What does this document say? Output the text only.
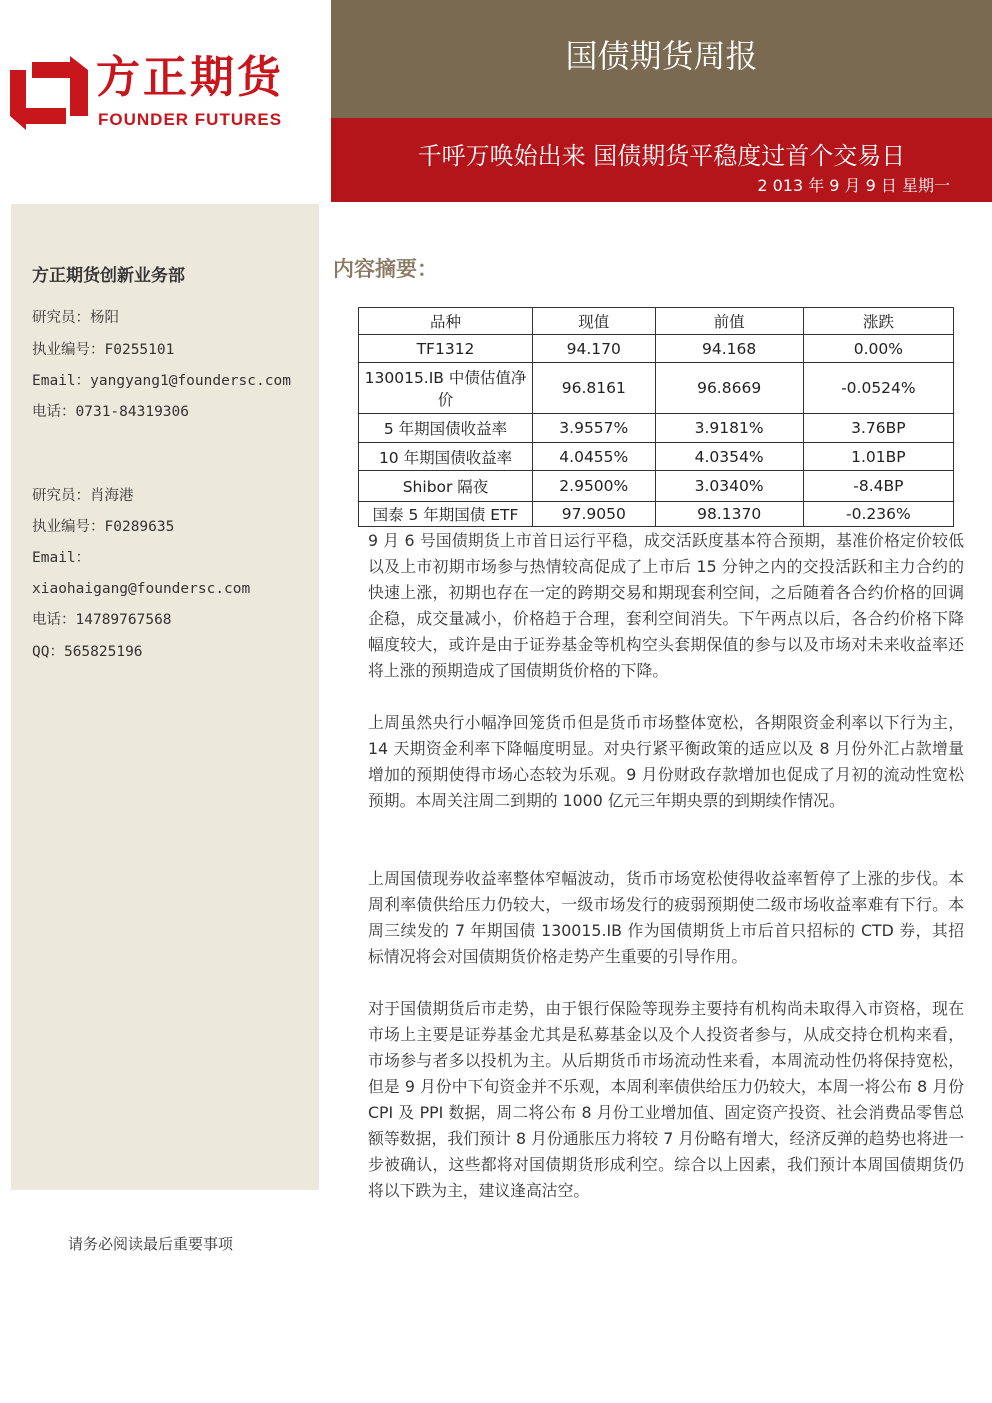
方正期货
FOUNDER FUTURES
国债期货周报
千呼万唤始出来 国债期货平稳度过首个交易日
2 013 年 9 月 9 日 星期一
方正期货创新业务部
研究员：杨阳
执业编号：F0255101
Email：yangyang1@foundersc.com
电话：0731-84319306
研究员：肖海港
执业编号：F0289635
Email：
xiaohaigang@foundersc.com
电话：14789767568
QQ：565825196
请务必阅读最后重要事项
内容摘要：
品种	现值	前值	涨跌
TF1312	94.170	94.168	0.00%
130015.IB 中债估值净价	96.8161	96.8669	-0.0524%
5 年期国债收益率	3.9557%	3.9181%	3.76BP
10 年期国债收益率	4.0455%	4.0354%	1.01BP
Shibor 隔夜	2.9500%	3.0340%	-8.4BP
国泰 5 年期国债 ETF	97.9050	98.1370	-0.236%

9 月 6 号国债期货上市首日运行平稳，成交活跃度基本符合预期，基准价格定价较低以及上市初期市场参与热情较高促成了上市后 15 分钟之内的交投活跃和主力合约的快速上涨，初期也存在一定的跨期交易和期现套利空间，之后随着各合约价格的回调企稳，成交量减小，价格趋于合理，套利空间消失。下午两点以后，各合约价格下降幅度较大，或许是由于证券基金等机构空头套期保值的参与以及市场对未来收益率还将上涨的预期造成了国债期货价格的下降。

上周虽然央行小幅净回笼货币但是货币市场整体宽松，各期限资金利率以下行为主，14 天期资金利率下降幅度明显。对央行紧平衡政策的适应以及 8 月份外汇占款增量增加的预期使得市场心态较为乐观。9 月份财政存款增加也促成了月初的流动性宽松预期。本周关注周二到期的 1000 亿元三年期央票的到期续作情况。

上周国债现券收益率整体窄幅波动，货币市场宽松使得收益率暂停了上涨的步伐。本周利率债供给压力仍较大，一级市场发行的疲弱预期使二级市场收益率难有下行。本周三续发的 7 年期国债 130015.IB 作为国债期货上市后首只招标的 CTD 券，其招标情况将会对国债期货价格走势产生重要的引导作用。

对于国债期货后市走势，由于银行保险等现券主要持有机构尚未取得入市资格，现在市场上主要是证券基金尤其是私募基金以及个人投资者参与，从成交持仓机构来看，市场参与者多以投机为主。从后期货币市场流动性来看，本周流动性仍将保持宽松，但是 9 月份中下旬资金并不乐观，本周利率债供给压力仍较大，本周一将公布 8 月份 CPI 及 PPI 数据，周二将公布 8 月份工业增加值、固定资产投资、社会消费品零售总额等数据，我们预计 8 月份通胀压力将较 7 月份略有增大，经济反弹的趋势也将进一步被确认，这些都将对国债期货形成利空。综合以上因素，我们预计本周国债期货仍将以下跌为主，建议逢高沽空。
